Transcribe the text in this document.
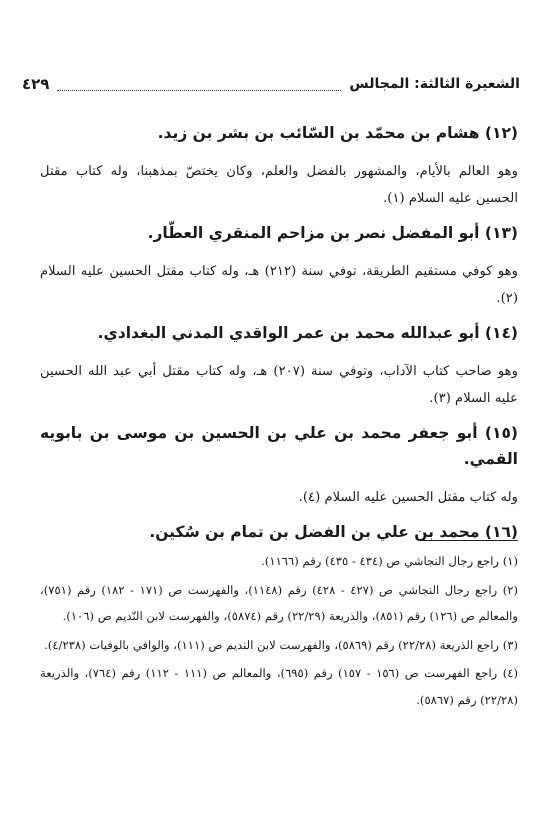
الشعيرة الثالثة: المجالس
٤٢٩
(١٢) هشام بن محمّد بن السّائب بن بشر بن زيد.

وهو العالم بالأيام، والمشهور بالفضل والعلم، وكان يختصّ بمذهبنا، وله كتاب مقتل الحسين عليه السلام (١).

(١٣) أبو المفضل نصر بن مزاحم المنقري العطّار.

وهو كوفي مستقيم الطريقة، توفي سنة (٢١٢) هـ، وله كتاب مقتل الحسين عليه السلام (٢).

(١٤) أبو عبدالله محمد بن عمر الواقدي المدني البغدادي.

وهو صاحب كتاب الآداب، وتوفي سنة (٢٠٧) هـ، وله كتاب مقتل أبي عبد الله الحسين عليه السلام (٣).

(١٥) أبو جعفر محمد بن علي بن الحسين بن موسى بن بابويه القمي.

وله كتاب مقتل الحسين عليه السلام (٤).

(١٦) محمد بن علي بن الفضل بن تمام بن سُكين.

(١) راجع رجال النجاشي ص (٤٣٤ - ٤٣٥) رقم (١١٦٦).

(٢) راجع رجال النجاشي ص (٤٢٧ - ٤٢٨) رقم (١١٤٨)، والفهرست ص (١٧١ - ١٨٢) رقم (٧٥١)، والمعالم ص (١٢٦) رقم (٨٥١)، والذريعة (٢٢/٢٩) رقم (٥٨٧٤)، والفهرست لابن النّديم ص (١٠٦).

(٣) راجع الذريعة (٢٢/٢٨) رقم (٥٨٦٩)، والفهرست لابن النديم ص (١١١)، والوافي بالوفيات (٤/٢٣٨).

(٤) راجع الفهرست ص (١٥٦ - ١٥٧) رقم (٦٩٥)، والمعالم ص (١١١ - ١١٢) رقم (٧٦٤)، والذريعة (٢٢/٢٨) رقم (٥٨٦٧).
